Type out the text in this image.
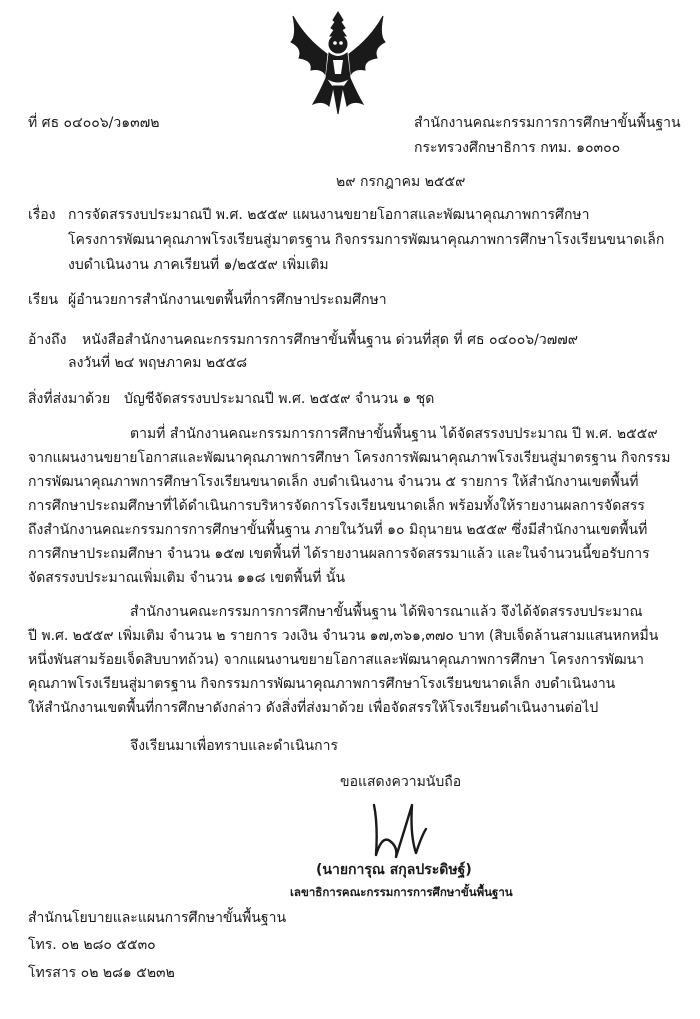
ที่ ศธ ๐๔๐๐๖/ว๑๓๗๒	สำนักงานคณะกรรมการการศึกษาขั้นพื้นฐาน
กระทรวงศึกษาธิการ กทม. ๑๐๓๐๐
๒๙ กรกฎาคม ๒๕๕๙
เรื่อง การจัดสรรงบประมาณปี พ.ศ. ๒๕๕๙ แผนงานขยายโอกาสและพัฒนาคุณภาพการศึกษา
โครงการพัฒนาคุณภาพโรงเรียนสู่มาตรฐาน กิจกรรมการพัฒนาคุณภาพการศึกษาโรงเรียนขนาดเล็ก
งบดำเนินงาน ภาคเรียนที่ ๑/๒๕๕๙ เพิ่มเติม
เรียน ผู้อำนวยการสำนักงานเขตพื้นที่การศึกษาประถมศึกษา
อ้างถึง หนังสือสำนักงานคณะกรรมการการศึกษาขั้นพื้นฐาน ด่วนที่สุด ที่ ศธ ๐๔๐๐๖/ว๗๗๙
ลงวันที่ ๒๔ พฤษภาคม ๒๕๕๘
สิ่งที่ส่งมาด้วย บัญชีจัดสรรงบประมาณปี พ.ศ. ๒๕๕๙ จำนวน ๑ ชุด
ตามที่ สำนักงานคณะกรรมการการศึกษาขั้นพื้นฐาน ได้จัดสรรงบประมาณ ปี พ.ศ. ๒๕๕๙
จากแผนงานขยายโอกาสและพัฒนาคุณภาพการศึกษา โครงการพัฒนาคุณภาพโรงเรียนสู่มาตรฐาน กิจกรรม
การพัฒนาคุณภาพการศึกษาโรงเรียนขนาดเล็ก งบดำเนินงาน จำนวน ๕ รายการ ให้สำนักงานเขตพื้นที่
การศึกษาประถมศึกษาที่ได้ดำเนินการบริหารจัดการโรงเรียนขนาดเล็ก พร้อมทั้งให้รายงานผลการจัดสรร
ถึงสำนักงานคณะกรรมการการศึกษาขั้นพื้นฐาน ภายในวันที่ ๑๐ มิถุนายน ๒๕๕๙ ซึ่งมีสำนักงานเขตพื้นที่
การศึกษาประถมศึกษา จำนวน ๑๕๗ เขตพื้นที่ ได้รายงานผลการจัดสรรมาแล้ว และในจำนวนนี้ขอรับการ
จัดสรรงบประมาณเพิ่มเติม จำนวน ๑๑๘ เขตพื้นที่ นั้น
สำนักงานคณะกรรมการการศึกษาขั้นพื้นฐาน ได้พิจารณาแล้ว จึงได้จัดสรรงบประมาณ
ปี พ.ศ. ๒๕๕๙ เพิ่มเติม จำนวน ๒ รายการ วงเงิน จำนวน ๑๗,๓๖๑,๓๗๐ บาท (สิบเจ็ดล้านสามแสนหกหมื่น
หนึ่งพันสามร้อยเจ็ดสิบบาทถ้วน) จากแผนงานขยายโอกาสและพัฒนาคุณภาพการศึกษา โครงการพัฒนา
คุณภาพโรงเรียนสู่มาตรฐาน กิจกรรมการพัฒนาคุณภาพการศึกษาโรงเรียนขนาดเล็ก งบดำเนินงาน
ให้สำนักงานเขตพื้นที่การศึกษาดังกล่าว ดังสิ่งที่ส่งมาด้วย เพื่อจัดสรรให้โรงเรียนดำเนินงานต่อไป
จึงเรียนมาเพื่อทราบและดำเนินการ
ขอแสดงความนับถือ
(นายการุณ สกุลประดิษฐ์)
เลขาธิการคณะกรรมการการศึกษาขั้นพื้นฐาน
สำนักนโยบายและแผนการศึกษาขั้นพื้นฐาน
โทร. ๐๒ ๒๘๐ ๕๕๓๐
โทรสาร ๐๒ ๒๘๑ ๕๒๓๒
